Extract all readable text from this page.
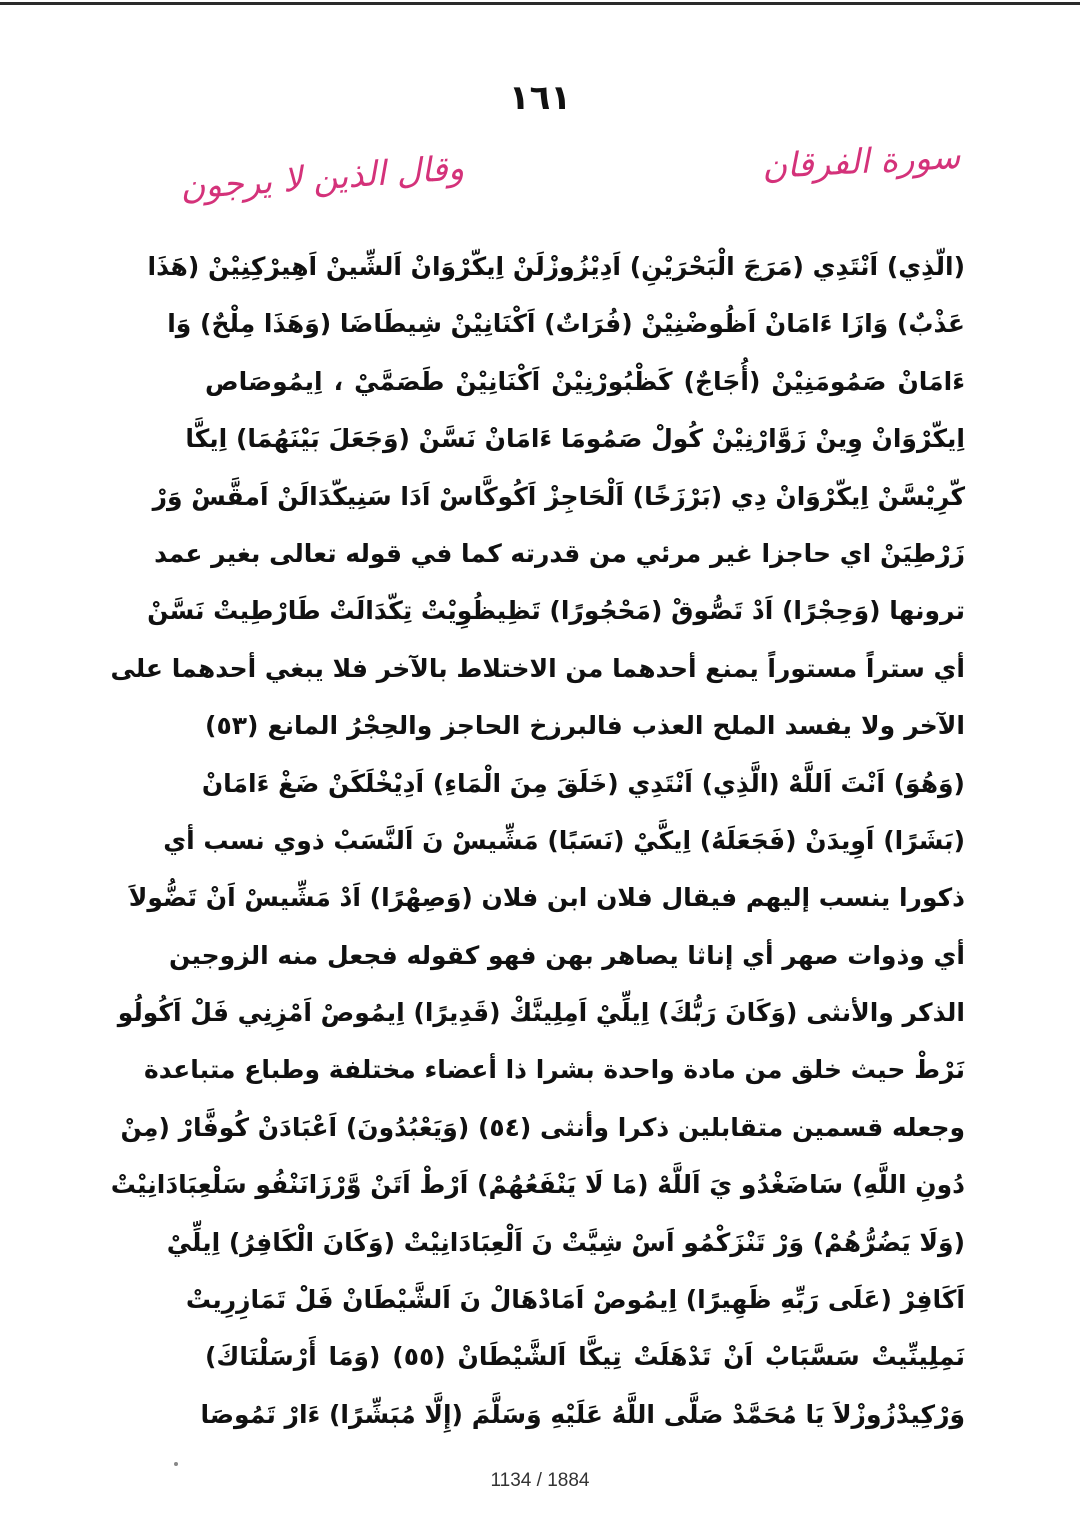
١٦١
سورة الفرقان
وقال الذين لا يرجون
(الّذِي) اَنْتَدِي (مَرَجَ الْبَحْرَيْنِ) اَدِيْزُوزْلَنْ اِيكّرْوَانْ اَلشِّينْ اَهِيرْكِنِيْنْ (هَذَا
عَذْبٌ) وَازَا ءَامَانْ اَظُوضْنِيْنْ (فُرَاتٌ) اَكْنَانِيْنْ شِيطَاضَا (وَهَذَا مِلْحٌ) وَا
ءَامَانْ صَمُومَنِيْنْ (أُجَاجٌ) كَظْبُورْنِيْنْ اَكْنَانِيْنْ طَصَمَّيْ ، اِيمُوصَاص
اِيكّرْوَانْ وِينْ زَوَّارْنِيْنْ كُولْ صَمُومَا ءَامَانْ نَسَّنْ (وَجَعَلَ بَيْنَهُمَا) اِيكَّا
كّرِيْسَّنْ اِيكّرْوَانْ دِي (بَرْزَخًا) اَلْحَاجِزْ اَكُوكَّاسْ اَدَا سَنِيكّدَالَنْ اَمقَّسْ وَرْ
زَرْطِيَنْ اي حاجزا غير مرئي من قدرته كما في قوله تعالى بغير عمد
ترونها (وَحِجْرًا) اَدْ تَصُّوقْ (مَحْجُورًا) تَظِيظُوِيْتْ تِكّدَالَتْ طَارْطِيتْ نَسَّنْ
أي ستراً مستوراً يمنع أحدهما من الاختلاط بالآخر فلا يبغي أحدهما على
الآخر ولا يفسد الملح العذب فالبرزخ الحاجز والحِجْرُ المانع (٥٣)
(وَهُوَ) اَنْتَ اَللَّهْ (الَّذِي) اَنْتَدِي (خَلَقَ مِنَ الْمَاءِ) اَدِيْخْلَكَنْ ضَغْ ءَامَانْ
(بَشَرًا) اَوِيدَنْ (فَجَعَلَهُ) اِيكَّيْ (نَسَبًا) مَشِّيسْ نَ اَلنَّسَبْ ذوي نسب أي
ذكورا ينسب إليهم فيقال فلان ابن فلان (وَصِهْرًا) اَدْ مَشِّيسْ اَنْ تَضُّولاَ
أي وذوات صهر أي إناثا يصاهر بهن فهو كقوله فجعل منه الزوجين
الذكر والأنثى (وَكَانَ رَبُّكَ) اِيلِّيْ اَمِلِينَّكْ (قَدِيرًا) اِيمُوصْ اَمْزِنِي فَلْ اَكُولُو
نَرْطْ حيث خلق من مادة واحدة بشرا ذا أعضاء مختلفة وطباع متباعدة
وجعله قسمين متقابلين ذكرا وأنثى (٥٤) (وَيَعْبُدُونَ) اَعْبَادَنْ كُوفَّارْ (مِنْ
دُونِ اللَّهِ) سَاضَغْدُو يَ اَللَّهْ (مَا لَا يَنْفَعُهُمْ) اَرْطْ اَتَنْ وَّرْزَانَنْفُو سَلْعِبَادَانِيْتْ
(وَلَا يَضُرُّهُمْ) وَرْ تَنْزَكْمُو اَسْ شِيَّتْ نَ اَلْعِبَادَانِيْتْ (وَكَانَ الْكَافِرُ) اِيلِّيْ
اَكَافِرْ (عَلَى رَبِّهِ ظَهِيرًا) اِيمُوصْ اَمَادْهَالْ نَ اَلشَّيْطَانْ فَلْ تَمَازِرِيتْ
نَمِلِينِّيتْ سَسَّبَابْ اَنْ تَدْهَلَتْ تِيكَّا اَلشَّيْطَانْ (٥٥) (وَمَا أَرْسَلْنَاكَ)
وَرْكِيدْزُوزْلاَ يَا مُحَمَّدْ صَلَّى اللَّهُ عَلَيْهِ وَسَلَّمَ (إِلَّا مُبَشِّرًا) ءَارْ تَمُوصَا
1134 / 1884
